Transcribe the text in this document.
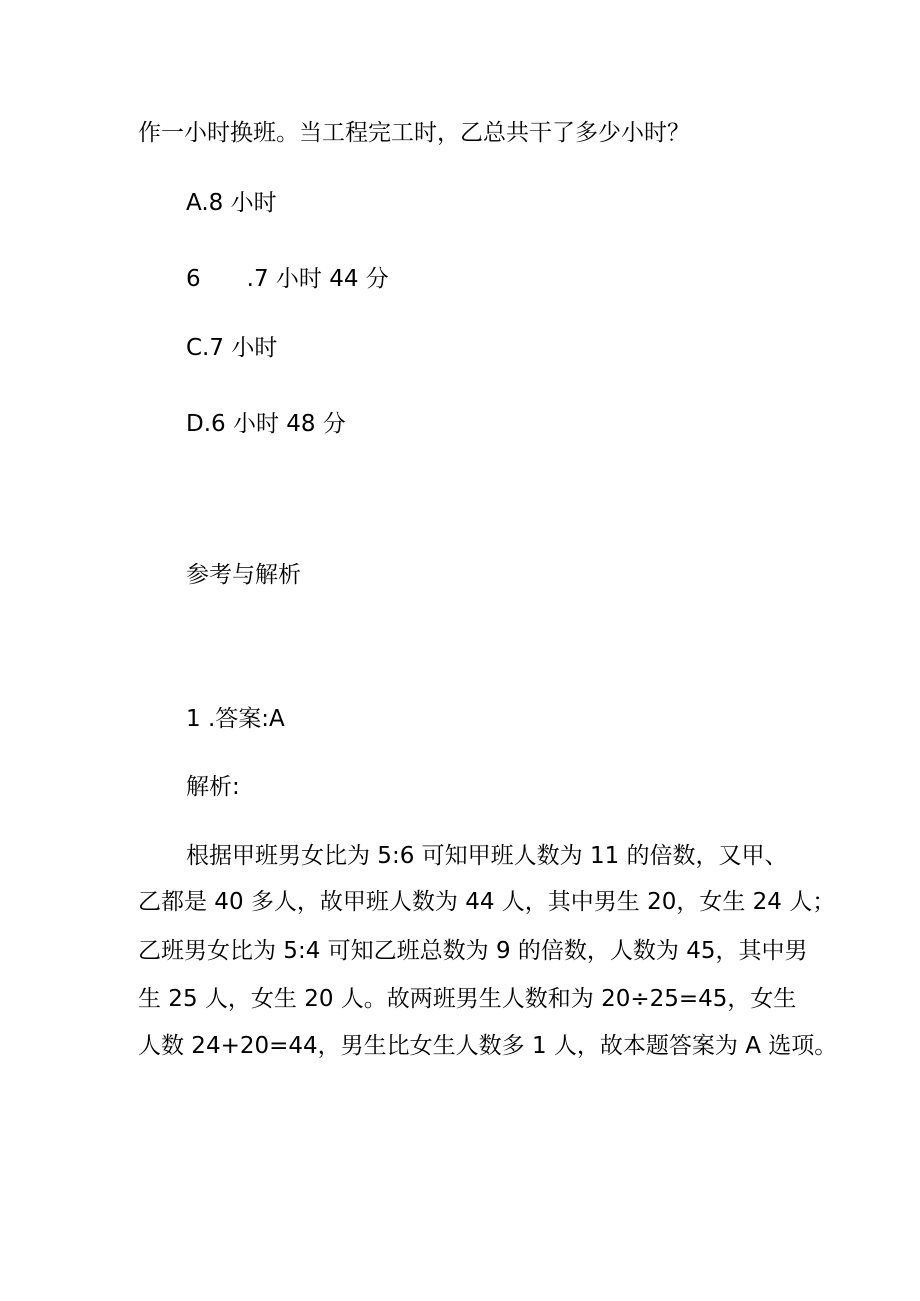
作一小时换班。当工程完工时，乙总共干了多少小时？
A.8 小时
6　　.7 小时 44 分
C.7 小时
D.6 小时 48 分
参考与解析
1 .答案:A
解析:
根据甲班男女比为 5:6 可知甲班人数为 11 的倍数，又甲、
乙都是 40 多人，故甲班人数为 44 人，其中男生 20，女生 24 人；
乙班男女比为 5:4 可知乙班总数为 9 的倍数，人数为 45，其中男
生 25 人，女生 20 人。故两班男生人数和为 20÷25=45，女生
人数 24+20=44，男生比女生人数多 1 人，故本题答案为 A 选项。
